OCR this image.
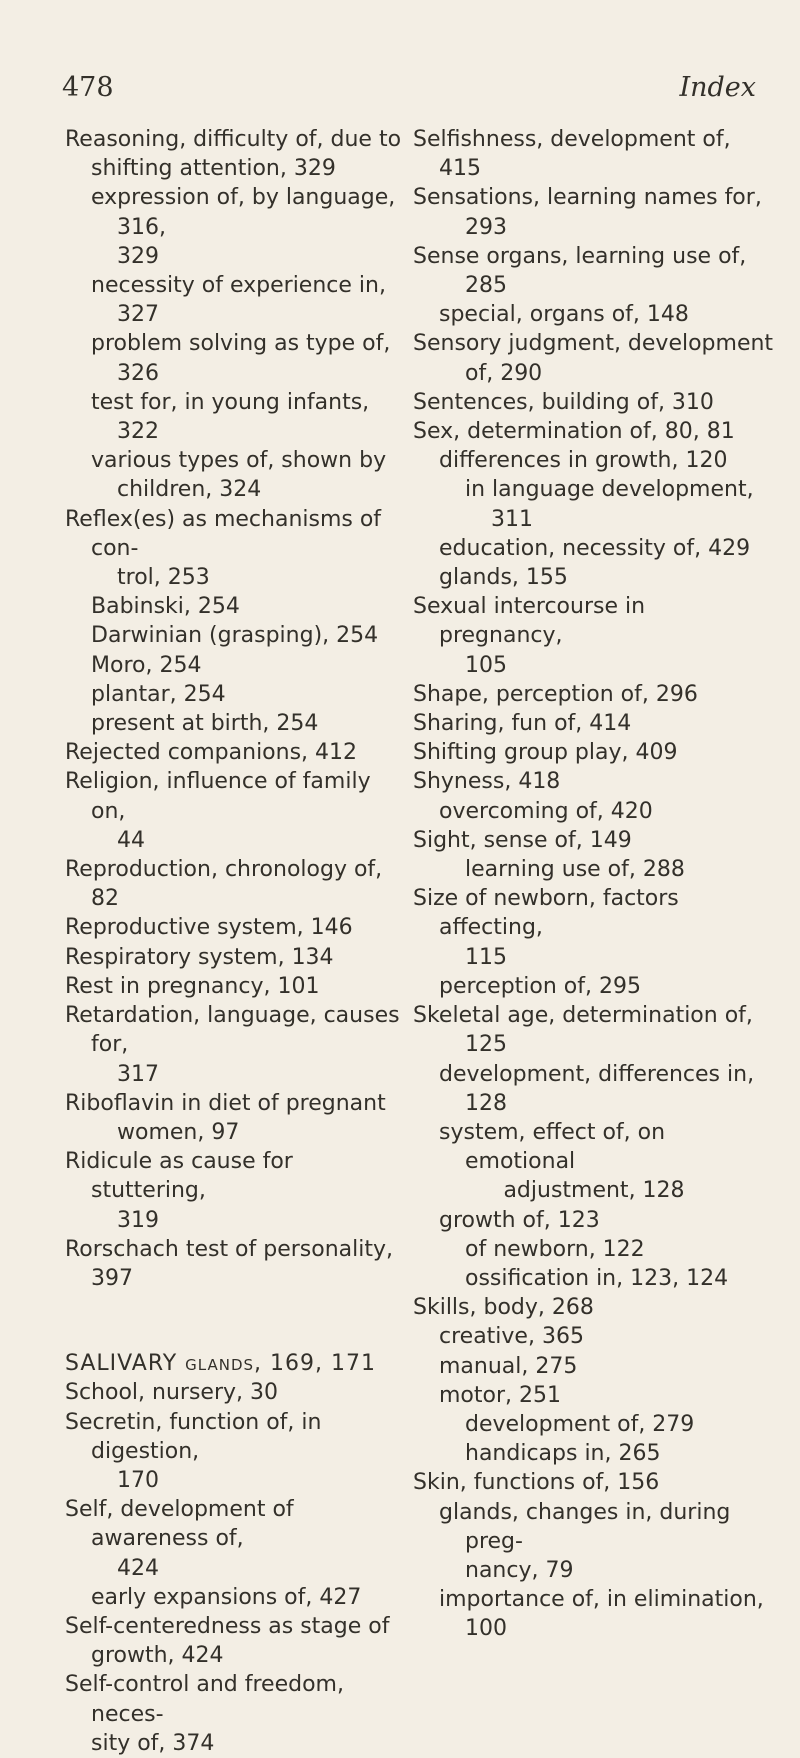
478	Index
Reasoning, difficulty of, due to
shifting attention, 329
expression of, by language, 316,
329
necessity of experience in,
327
problem solving as type of,
326
test for, in young infants, 322
various types of, shown by
children, 324
Reflex(es) as mechanisms of con-
trol, 253
Babinski, 254
Darwinian (grasping), 254
Moro, 254
plantar, 254
present at birth, 254
Rejected companions, 412
Religion, influence of family on,
44
Reproduction, chronology of, 82
Reproductive system, 146
Respiratory system, 134
Rest in pregnancy, 101
Retardation, language, causes for,
317
Riboflavin in diet of pregnant
women, 97
Ridicule as cause for stuttering,
319
Rorschach test of personality, 397
SALIVARY glands, 169, 171
School, nursery, 30
Secretin, function of, in digestion,
170
Self, development of awareness of,
424
early expansions of, 427
Self-centeredness as stage of
growth, 424
Self-control and freedom, neces-
sity of, 374
Selfishness, development of, 415
Sensations, learning names for,
293
Sense organs, learning use of,
285
special, organs of, 148
Sensory judgment, development
of, 290
Sentences, building of, 310
Sex, determination of, 80, 81
differences in growth, 120
in language development, 311
education, necessity of, 429
glands, 155
Sexual intercourse in pregnancy,
105
Shape, perception of, 296
Sharing, fun of, 414
Shifting group play, 409
Shyness, 418
overcoming of, 420
Sight, sense of, 149
learning use of, 288
Size of newborn, factors affecting,
115
perception of, 295
Skeletal age, determination of,
125
development, differences in, 128
system, effect of, on emotional
adjustment, 128
growth of, 123
of newborn, 122
ossification in, 123, 124
Skills, body, 268
creative, 365
manual, 275
motor, 251
development of, 279
handicaps in, 265
Skin, functions of, 156
glands, changes in, during preg-
nancy, 79
importance of, in elimination,
100
